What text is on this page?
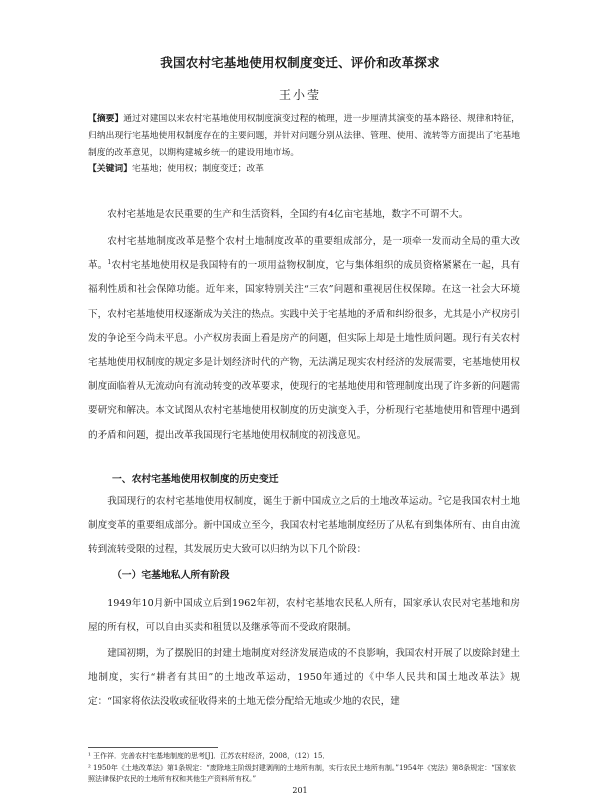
我国农村宅基地使用权制度变迁、评价和改革探求
王小莹
【摘要】通过对建国以来农村宅基地使用权制度演变过程的梳理，进一步厘清其演变的基本路径、规律和特征，归纳出现行宅基地使用权制度存在的主要问题，并针对问题分别从法律、管理、使用、流转等方面提出了宅基地制度的改革意见，以期构建城乡统一的建设用地市场。
【关键词】宅基地；使用权；制度变迁；改革

农村宅基地是农民重要的生产和生活资料，全国约有4亿亩宅基地，数字不可谓不大。

农村宅基地制度改革是整个农村土地制度改革的重要组成部分，是一项牵一发而动全局的重大改革。$^1$农村宅基地使用权是我国特有的一项用益物权制度，它与集体组织的成员资格紧紧在一起，具有福利性质和社会保障功能。近年来，国家特别关注“三农”问题和重视居住权保障。在这一社会大环境下，农村宅基地使用权逐渐成为关注的热点。实践中关于宅基地的矛盾和纠纷很多，尤其是小产权房引发的争论至今尚未平息。小产权房表面上看是房产的问题，但实际上却是土地性质问题。现行有关农村宅基地使用权制度的规定多是计划经济时代的产物，无法满足现实农村经济的发展需要，宅基地使用权制度面临着从无流动向有流动转变的改革要求，使现行的宅基地使用和管理制度出现了许多新的问题需要研究和解决。本文试图从农村宅基地使用权制度的历史演变入手，分析现行宅基地使用和管理中遇到的矛盾和问题，提出改革我国现行宅基地使用权制度的初浅意见。

一、农村宅基地使用权制度的历史变迁

我国现行的农村宅基地使用权制度，诞生于新中国成立之后的土地改革运动。$^2$它是我国农村土地制度变革的重要组成部分。新中国成立至今，我国农村宅基地制度经历了从私有到集体所有、由自由流转到流转受限的过程，其发展历史大致可以归纳为以下几个阶段：

（一）宅基地私人所有阶段

1949年10月新中国成立后到1962年初，农村宅基地农民私人所有，国家承认农民对宅基地和房屋的所有权，可以自由买卖和租赁以及继承等而不受政府限制。

建国初期，为了摆脱旧的封建土地制度对经济发展造成的不良影响，我国农村开展了以废除封建土地制度，实行“耕者有其田”的土地改革运动，1950年通过的《中华人民共和国土地改革法》规定：“国家将依法没收或征收得来的土地无偿分配给无地或少地的农民，建

¹ 王作祥．完善农村宅基地制度的思考[J]．江苏农村经济，2008，（12）15．

² 1950年《土地改革法》第1条规定：“废除地主阶级封建剥削的土地所有制，实行农民土地所有制。”1954年《宪法》第8条规定：“国家依照法律保护农民的土地所有权和其他生产资料所有权。”

201
